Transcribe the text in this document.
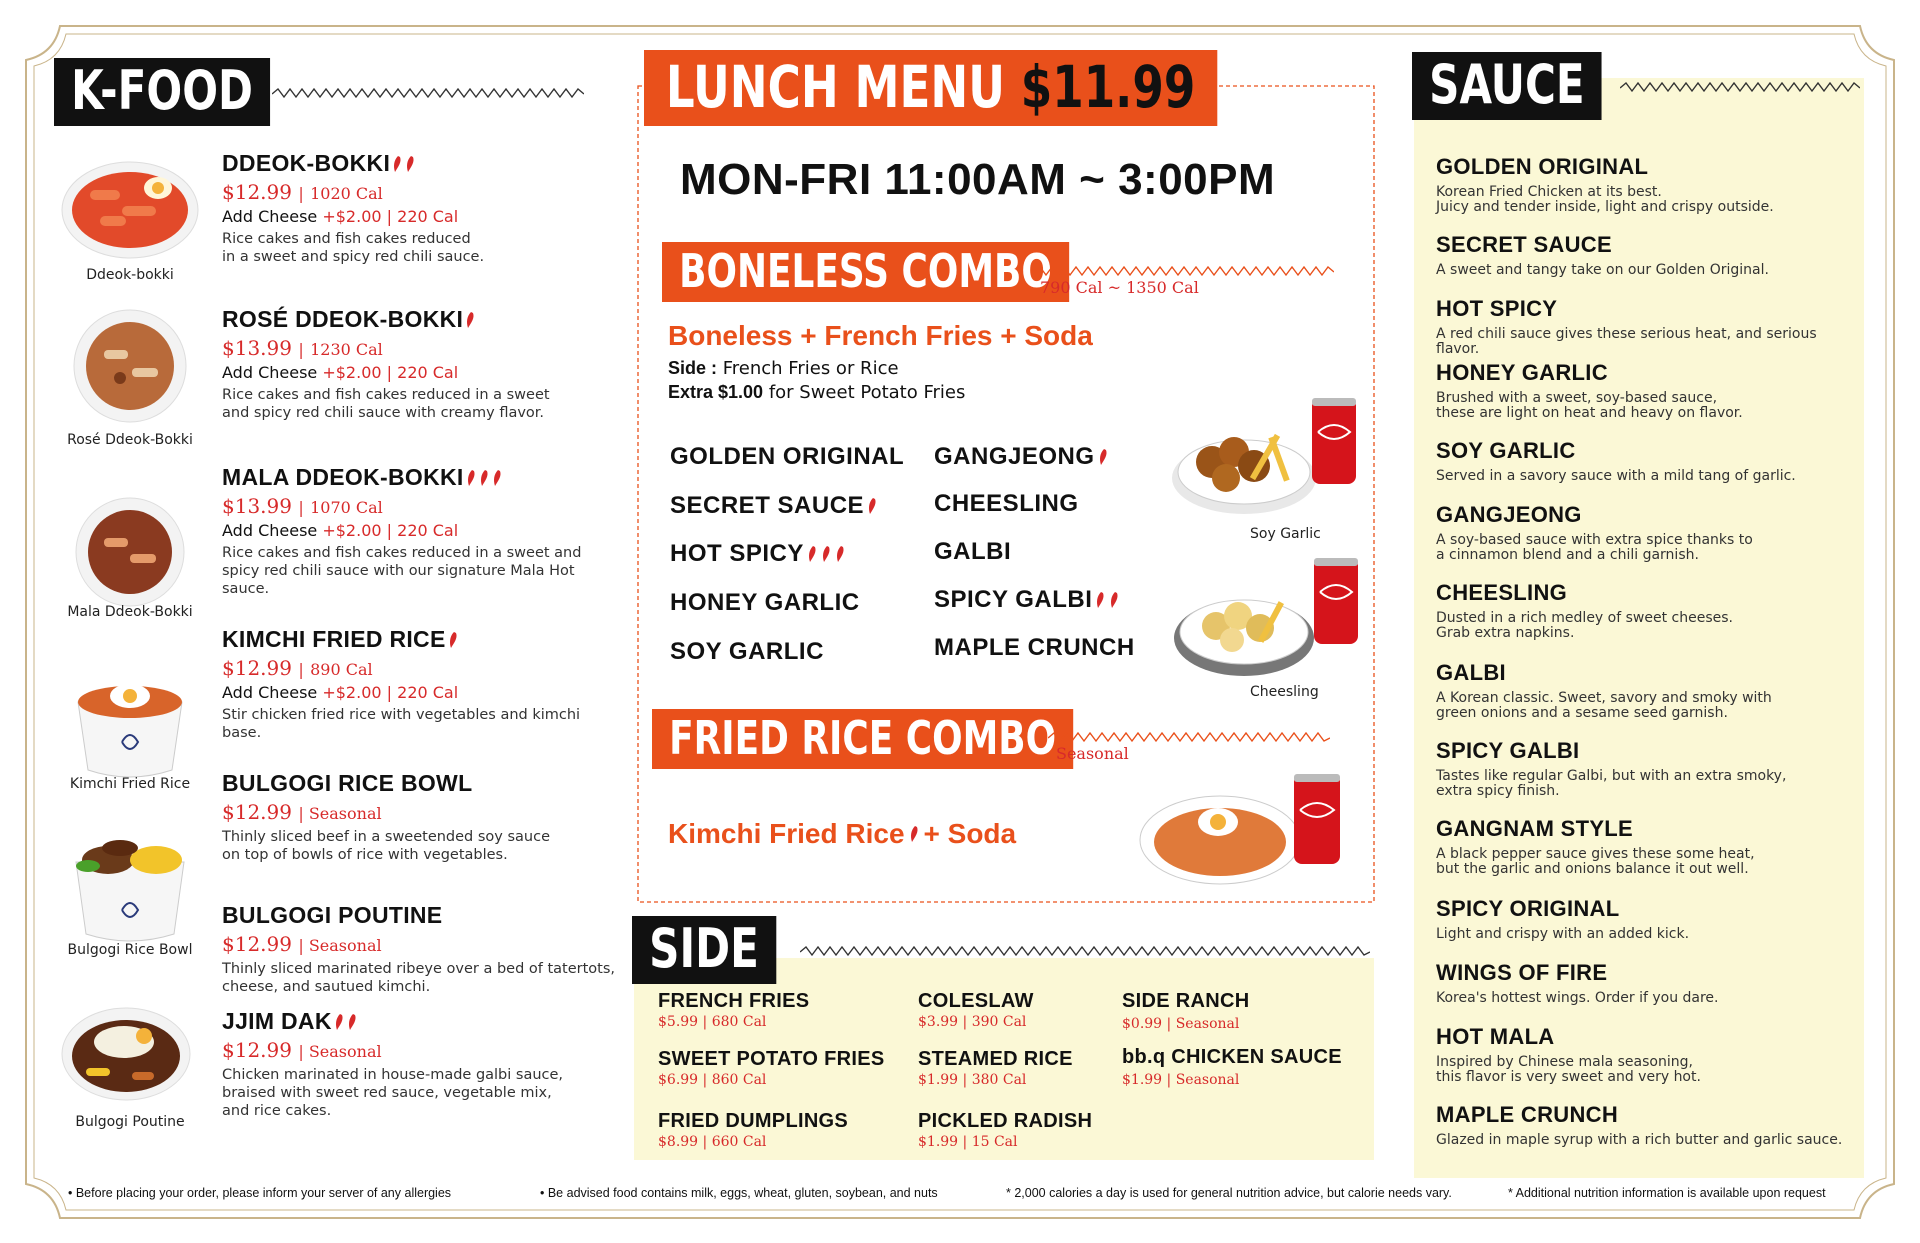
K-FOOD
Ddeok-bokki
DDEOK-BOKKI
$12.99 | 1020 Cal
Add Cheese +$2.00 | 220 Cal
Rice cakes and fish cakes reduced
in a sweet and spicy red chili sauce.
Rosé Ddeok-Bokki
ROSÉ DDEOK-BOKKI
$13.99 | 1230 Cal
Add Cheese +$2.00 | 220 Cal
Rice cakes and fish cakes reduced in a sweet
and spicy red chili sauce with creamy flavor.
Mala Ddeok-Bokki
MALA DDEOK-BOKKI
$13.99 | 1070 Cal
Add Cheese +$2.00 | 220 Cal
Rice cakes and fish cakes reduced in a sweet and
spicy red chili sauce with our signature Mala Hot sauce.
Kimchi Fried Rice
KIMCHI FRIED RICE
$12.99 | 890 Cal
Add Cheese +$2.00 | 220 Cal
Stir chicken fried rice with vegetables and kimchi base.
Bulgogi Rice Bowl
BULGOGI RICE BOWL
$12.99 | Seasonal
Thinly sliced beef in a sweetended soy sauce
on top of bowls of rice with vegetables.
BULGOGI POUTINE
$12.99 | Seasonal
Thinly sliced marinated ribeye over a bed of tatertots,
cheese, and sautued kimchi.
Bulgogi Poutine
JJIM DAK
$12.99 | Seasonal
Chicken marinated in house-made galbi sauce,
braised with sweet red sauce, vegetable mix,
and rice cakes.
LUNCH MENU $11.99
MON-FRI 11:00AM ~ 3:00PM
BONELESS COMBO
790 Cal ~ 1350 Cal
Boneless + French Fries + Soda
Side : French Fries or Rice
Extra $1.00 for Sweet Potato Fries
GOLDEN ORIGINAL
SECRET SAUCE
HOT SPICY
HONEY GARLIC
SOY GARLIC
GANGJEONG
CHEESLING
GALBI
SPICY GALBI
MAPLE CRUNCH
Soy Garlic
Cheesling
FRIED RICE COMBO Seasonal
Kimchi Fried Rice + Soda
SIDE
FRENCH FRIES
$5.99 | 680 Cal
SWEET POTATO FRIES
$6.99 | 860 Cal
FRIED DUMPLINGS
$8.99 | 660 Cal
COLESLAW
$3.99 | 390 Cal
STEAMED RICE
$1.99 | 380 Cal
PICKLED RADISH
$1.99 | 15 Cal
SIDE RANCH
$0.99 | Seasonal
bb.q CHICKEN SAUCE
$1.99 | Seasonal
SAUCE
GOLDEN ORIGINAL
Korean Fried Chicken at its best.
Juicy and tender inside, light and crispy outside.
SECRET SAUCE
A sweet and tangy take on our Golden Original.
HOT SPICY
A red chili sauce gives these serious heat, and serious flavor.
HONEY GARLIC
Brushed with a sweet, soy-based sauce,
these are light on heat and heavy on flavor.
SOY GARLIC
Served in a savory sauce with a mild tang of garlic.
GANGJEONG
A soy-based sauce with extra spice thanks to
a cinnamon blend and a chili garnish.
CHEESLING
Dusted in a rich medley of sweet cheeses.
Grab extra napkins.
GALBI
A Korean classic. Sweet, savory and smoky with
green onions and a sesame seed garnish.
SPICY GALBI
Tastes like regular Galbi, but with an extra smoky,
extra spicy finish.
GANGNAM STYLE
A black pepper sauce gives these some heat,
but the garlic and onions balance it out well.
SPICY ORIGINAL
Light and crispy with an added kick.
WINGS OF FIRE
Korea's hottest wings. Order if you dare.
HOT MALA
Inspired by Chinese mala seasoning,
this flavor is very sweet and very hot.
MAPLE CRUNCH
Glazed in maple syrup with a rich butter and garlic sauce.
• Before placing your order, please inform your server of any allergies	• Be advised food contains milk, eggs, wheat, gluten, soybean, and nuts	* 2,000 calories a day is used for general nutrition advice, but calorie needs vary.	* Additional nutrition information is available upon request
